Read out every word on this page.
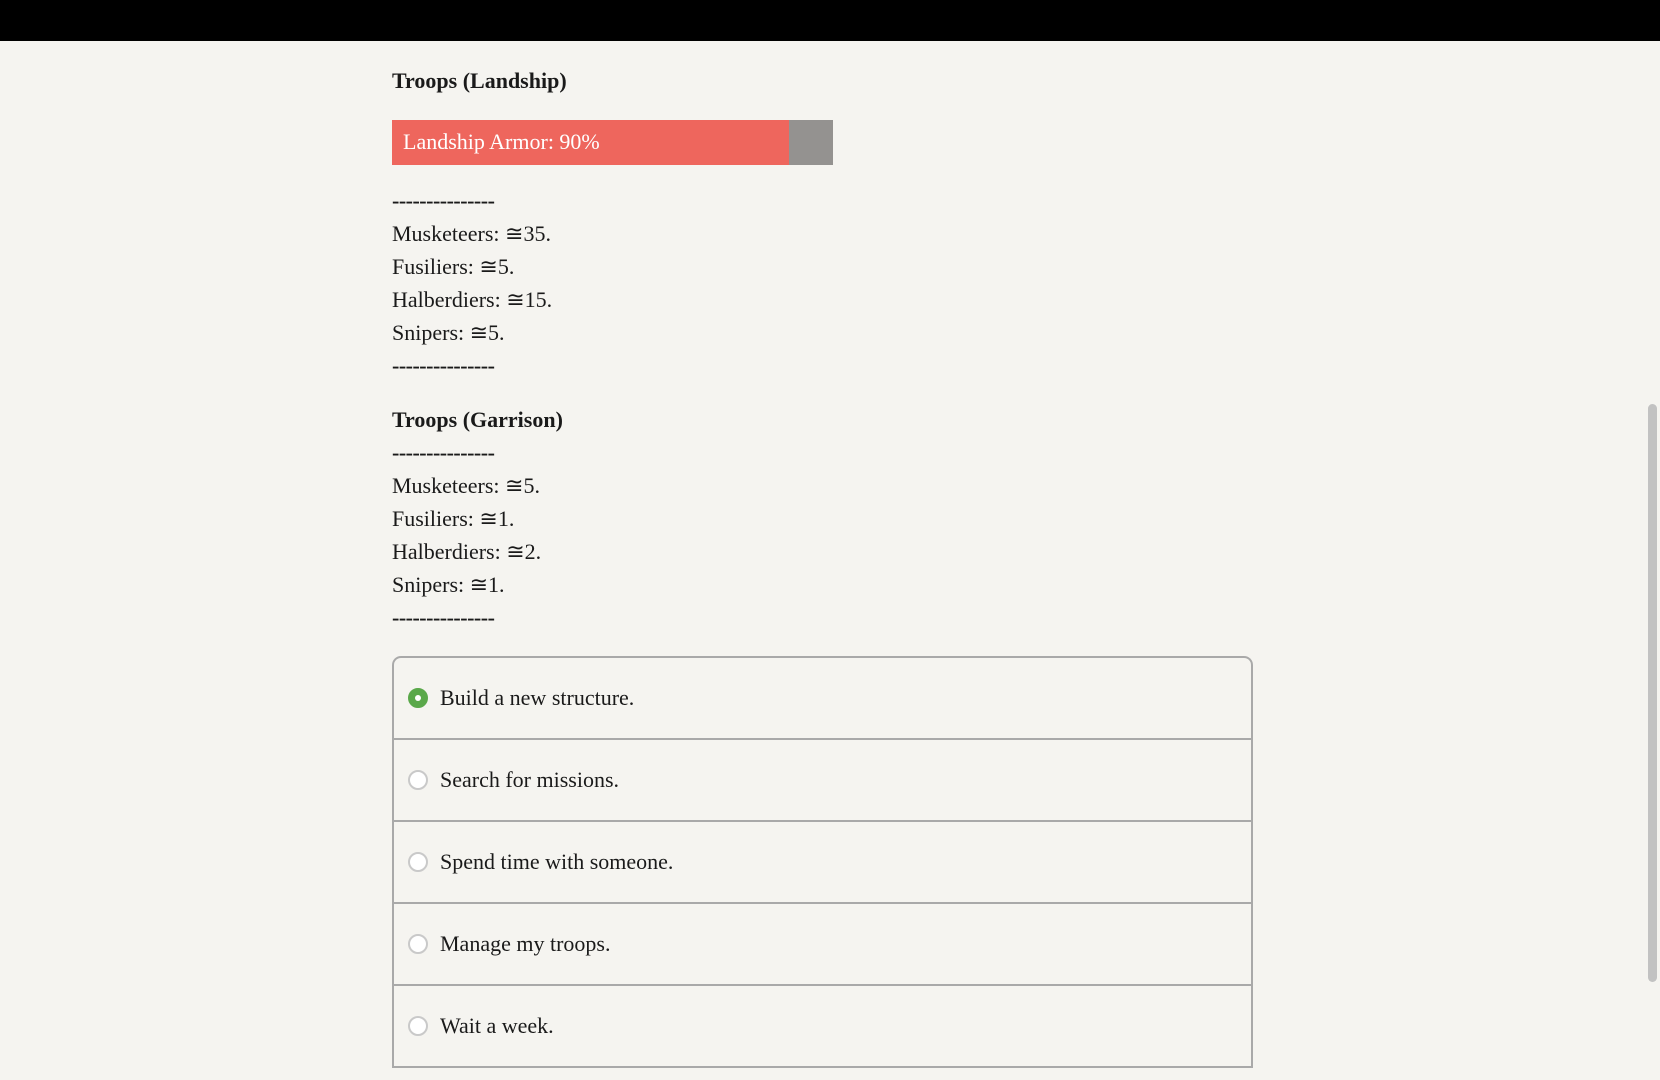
Troops (Landship)
Landship Armor: 90%
---------------
Musketeers: ≅35.
Fusiliers: ≅5.
Halberdiers: ≅15.
Snipers: ≅5.
---------------
Troops (Garrison)
---------------
Musketeers: ≅5.
Fusiliers: ≅1.
Halberdiers: ≅2.
Snipers: ≅1.
---------------
Build a new structure.
Search for missions.
Spend time with someone.
Manage my troops.
Wait a week.
